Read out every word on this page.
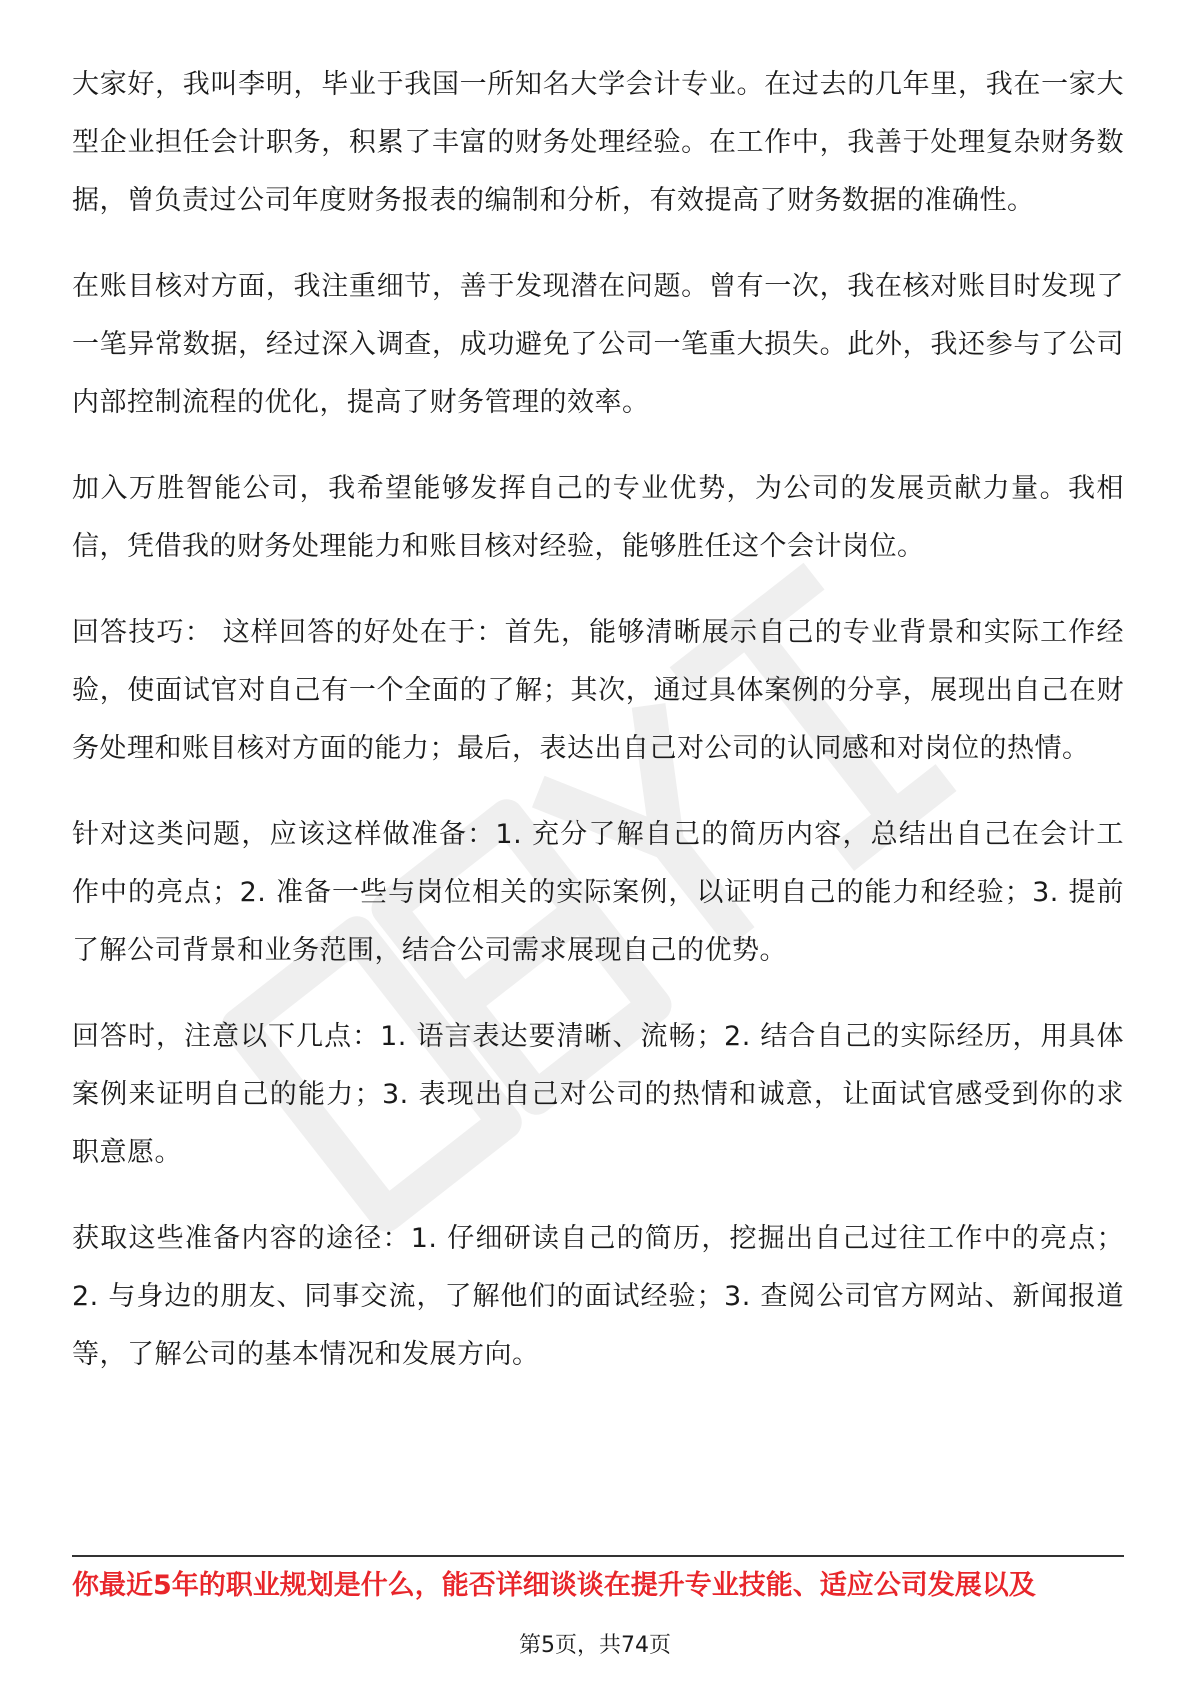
大家好，我叫李明，毕业于我国一所知名大学会计专业。在过去的几年里，我在一家大型企业担任会计职务，积累了丰富的财务处理经验。在工作中，我善于处理复杂财务数据，曾负责过公司年度财务报表的编制和分析，有效提高了财务数据的准确性。

在账目核对方面，我注重细节，善于发现潜在问题。曾有一次，我在核对账目时发现了一笔异常数据，经过深入调查，成功避免了公司一笔重大损失。此外，我还参与了公司内部控制流程的优化，提高了财务管理的效率。

加入万胜智能公司，我希望能够发挥自己的专业优势，为公司的发展贡献力量。我相信，凭借我的财务处理能力和账目核对经验，能够胜任这个会计岗位。

回答技巧： 这样回答的好处在于：首先，能够清晰展示自己的专业背景和实际工作经验，使面试官对自己有一个全面的了解；其次，通过具体案例的分享，展现出自己在财务处理和账目核对方面的能力；最后，表达出自己对公司的认同感和对岗位的热情。

针对这类问题，应该这样做准备：1. 充分了解自己的简历内容，总结出自己在会计工作中的亮点；2. 准备一些与岗位相关的实际案例，以证明自己的能力和经验；3. 提前了解公司背景和业务范围，结合公司需求展现自己的优势。

回答时，注意以下几点：1. 语言表达要清晰、流畅；2. 结合自己的实际经历，用具体案例来证明自己的能力；3. 表现出自己对公司的热情和诚意，让面试官感受到你的求职意愿。

获取这些准备内容的途径：1. 仔细研读自己的简历，挖掘出自己过往工作中的亮点；2. 与身边的朋友、同事交流，了解他们的面试经验；3. 查阅公司官方网站、新闻报道等，了解公司的基本情况和发展方向。

你最近5年的职业规划是什么，能否详细谈谈在提升专业技能、适应公司发展以及
第5页，共74页
